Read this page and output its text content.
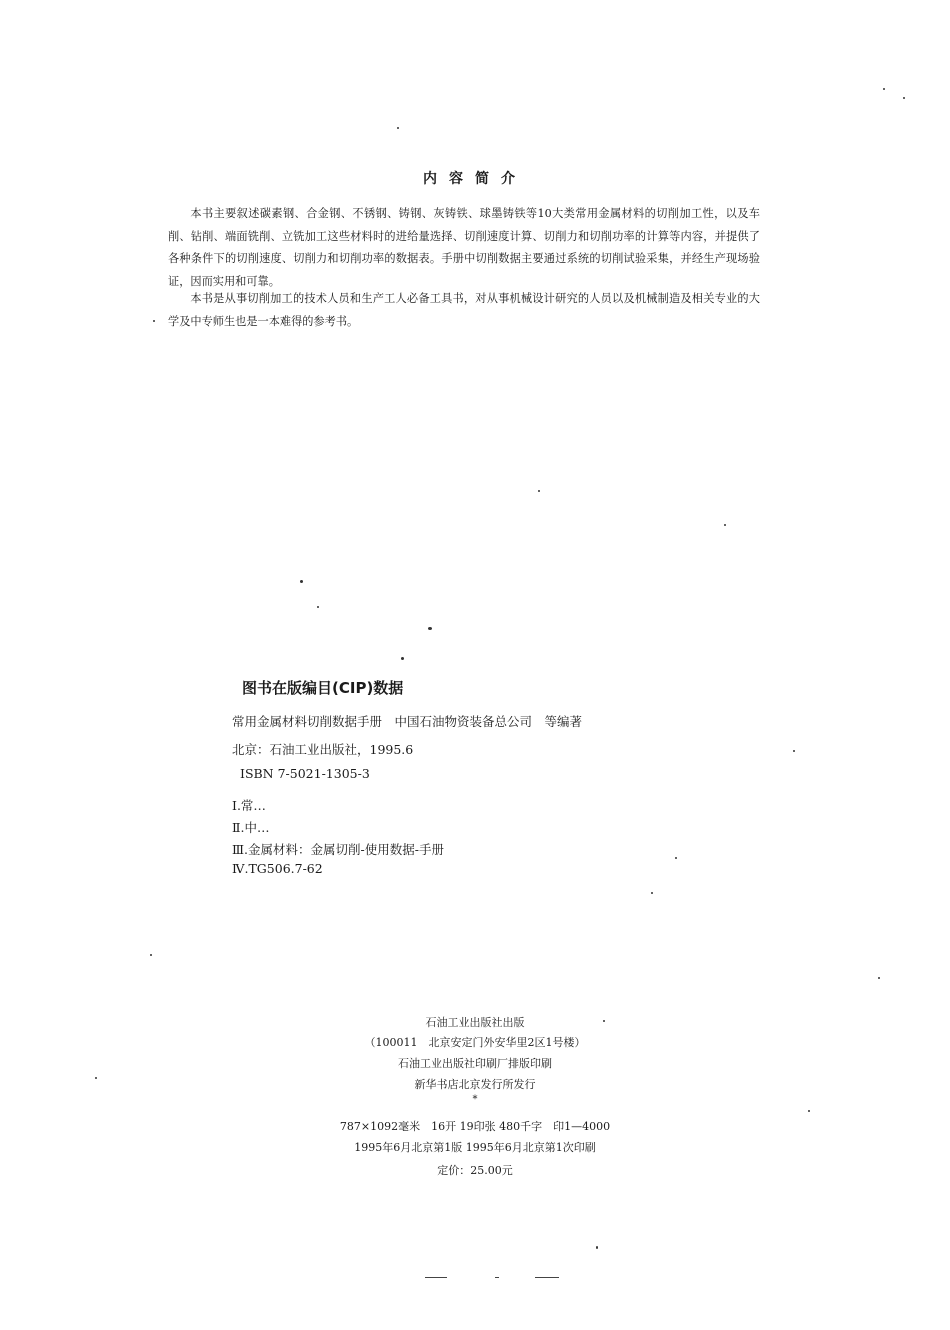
内容简介
本书主要叙述碳素钢、合金钢、不锈钢、铸钢、灰铸铁、球墨铸铁等10大类常用金属材料的切削加工性，以及车削、钻削、端面铣削、立铣加工这些材料时的进给量选择、切削速度计算、切削力和切削功率的计算等内容，并提供了各种条件下的切削速度、切削力和切削功率的数据表。手册中切削数据主要通过系统的切削试验采集，并经生产现场验证，因而实用和可靠。
本书是从事切削加工的技术人员和生产工人必备工具书，对从事机械设计研究的人员以及机械制造及相关专业的大学及中专师生也是一本难得的参考书。
图书在版编目(CIP)数据
常用金属材料切削数据手册　中国石油物资装备总公司　等编著
北京：石油工业出版社，1995.6
ISBN 7-5021-1305-3
Ⅰ.常…
Ⅱ.中…
Ⅲ.金属材料：金属切削-使用数据-手册
Ⅳ.TG506.7-62
石油工业出版社出版
（100011　北京安定门外安华里2区1号楼）
石油工业出版社印刷厂排版印刷
新华书店北京发行所发行
*
787×1092毫米　16开 19印张 480千字　印1—4000
1995年6月北京第1版 1995年6月北京第1次印刷
定价：25.00元
